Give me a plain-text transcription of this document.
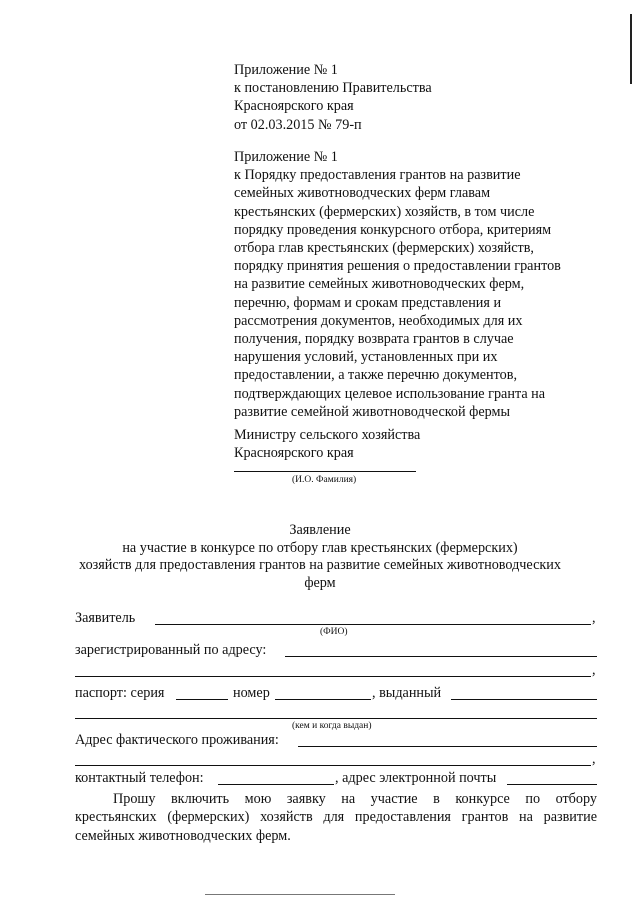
Приложение № 1
к постановлению Правительства
Красноярского края
от 02.03.2015 № 79-п
Приложение № 1
к Порядку предоставления грантов на развитие
семейных животноводческих ферм главам
крестьянских (фермерских) хозяйств, в том числе
порядку проведения конкурсного отбора, критериям
отбора глав крестьянских (фермерских) хозяйств,
порядку принятия решения о предоставлении грантов
на развитие семейных животноводческих ферм,
перечню, формам и срокам представления и
рассмотрения документов, необходимых для их
получения, порядку возврата грантов в случае
нарушения условий, установленных при их
предоставлении, а также перечню документов,
подтверждающих целевое использование гранта на
развитие семейной животноводческой фермы
Министру сельского хозяйства
Красноярского края
(И.О. Фамилия)
Заявление
на участие в конкурсе по отбору глав крестьянских (фермерских)
хозяйств для предоставления грантов на развитие семейных животноводческих
ферм
Заявитель	,
(ФИО)
зарегистрированный по адресу:
,
паспорт: серия	номер	, выданный
(кем и когда выдан)
Адрес фактического проживания:
,
контактный телефон:	, адрес электронной почты
Прошу включить мою заявку на участие в конкурсе по отбору
крестьянских (фермерских) хозяйств для предоставления грантов на развитие
семейных животноводческих ферм.
